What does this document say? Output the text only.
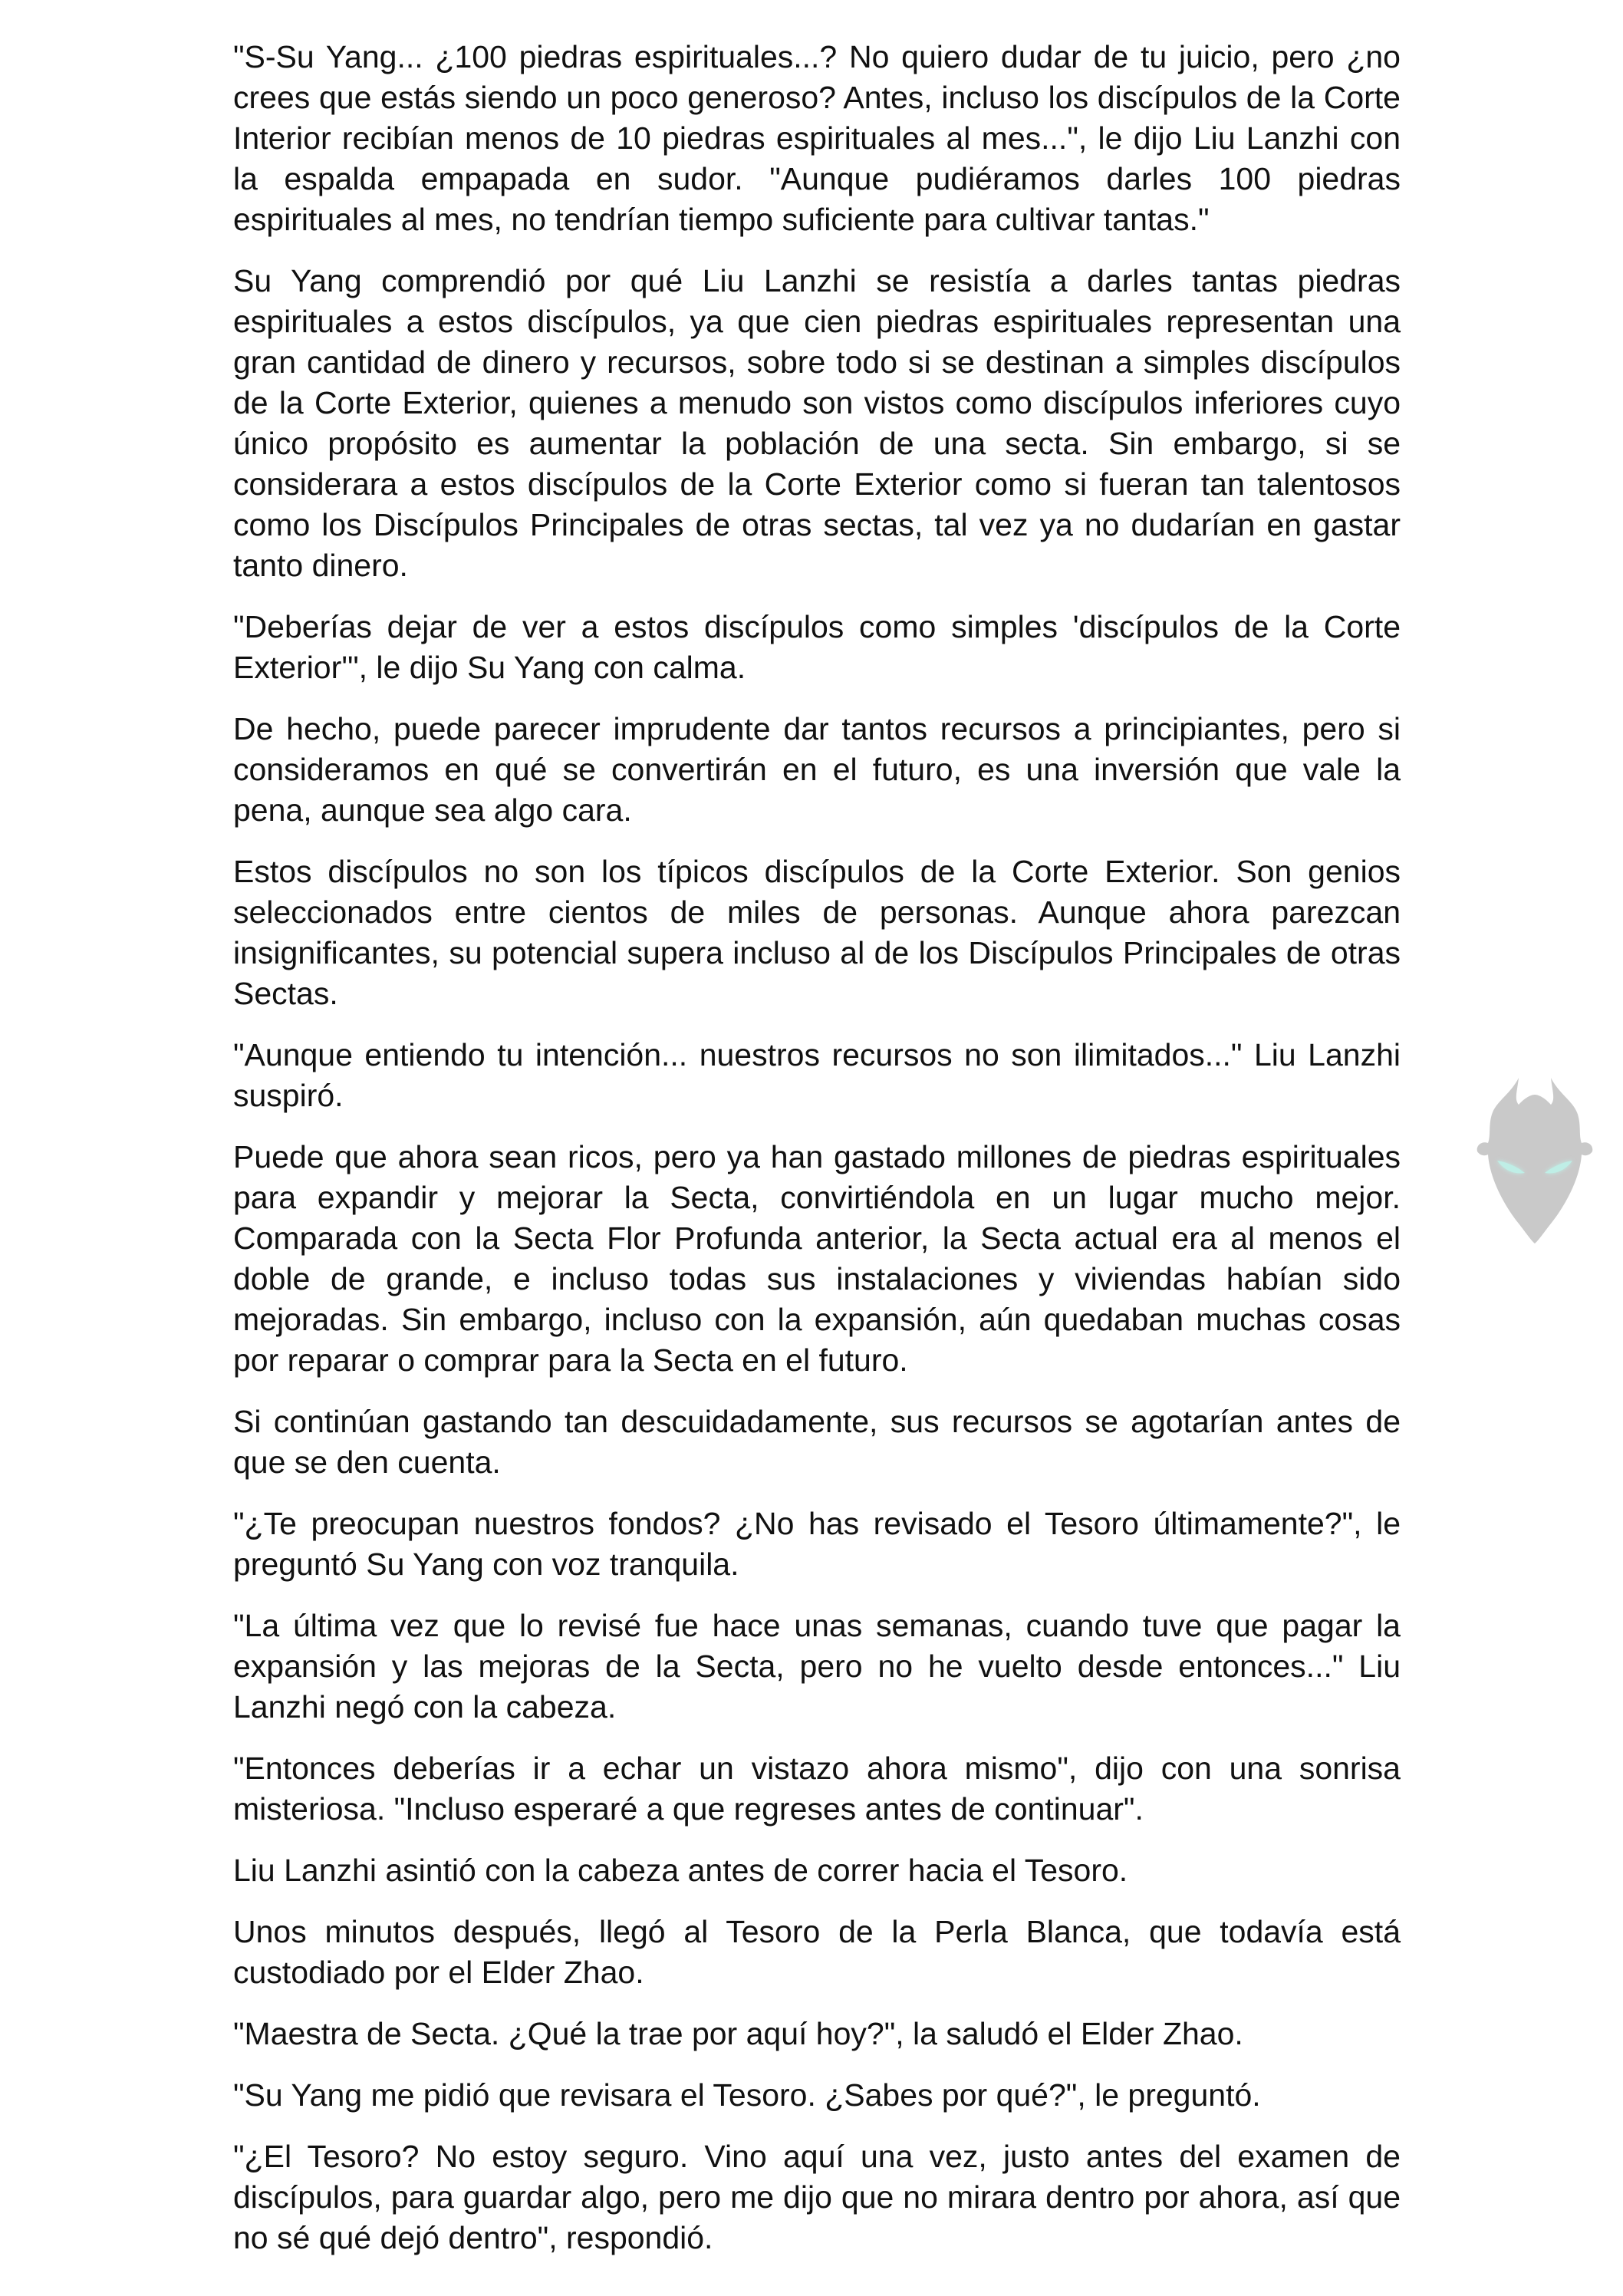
"S-Su Yang... ¿100 piedras espirituales...? No quiero dudar de tu juicio, pero ¿no crees que estás siendo un poco generoso? Antes, incluso los discípulos de la Corte Interior recibían menos de 10 piedras espirituales al mes...", le dijo Liu Lanzhi con la espalda empapada en sudor. "Aunque pudiéramos darles 100 piedras espirituales al mes, no tendrían tiempo suficiente para cultivar tantas."

Su Yang comprendió por qué Liu Lanzhi se resistía a darles tantas piedras espirituales a estos discípulos, ya que cien piedras espirituales representan una gran cantidad de dinero y recursos, sobre todo si se destinan a simples discípulos de la Corte Exterior, quienes a menudo son vistos como discípulos inferiores cuyo único propósito es aumentar la población de una secta. Sin embargo, si se considerara a estos discípulos de la Corte Exterior como si fueran tan talentosos como los Discípulos Principales de otras sectas, tal vez ya no dudarían en gastar tanto dinero.

"Deberías dejar de ver a estos discípulos como simples 'discípulos de la Corte Exterior'", le dijo Su Yang con calma.

De hecho, puede parecer imprudente dar tantos recursos a principiantes, pero si consideramos en qué se convertirán en el futuro, es una inversión que vale la pena, aunque sea algo cara.

Estos discípulos no son los típicos discípulos de la Corte Exterior. Son genios seleccionados entre cientos de miles de personas. Aunque ahora parezcan insignificantes, su potencial supera incluso al de los Discípulos Principales de otras Sectas.

"Aunque entiendo tu intención... nuestros recursos no son ilimitados..." Liu Lanzhi suspiró.

Puede que ahora sean ricos, pero ya han gastado millones de piedras espirituales para expandir y mejorar la Secta, convirtiéndola en un lugar mucho mejor. Comparada con la Secta Flor Profunda anterior, la Secta actual era al menos el doble de grande, e incluso todas sus instalaciones y viviendas habían sido mejoradas. Sin embargo, incluso con la expansión, aún quedaban muchas cosas por reparar o comprar para la Secta en el futuro.

Si continúan gastando tan descuidadamente, sus recursos se agotarían antes de que se den cuenta.

"¿Te preocupan nuestros fondos? ¿No has revisado el Tesoro últimamente?", le preguntó Su Yang con voz tranquila.

"La última vez que lo revisé fue hace unas semanas, cuando tuve que pagar la expansión y las mejoras de la Secta, pero no he vuelto desde entonces..." Liu Lanzhi negó con la cabeza.

"Entonces deberías ir a echar un vistazo ahora mismo", dijo con una sonrisa misteriosa. "Incluso esperaré a que regreses antes de continuar".

Liu Lanzhi asintió con la cabeza antes de correr hacia el Tesoro.

Unos minutos después, llegó al Tesoro de la Perla Blanca, que todavía está custodiado por el Elder Zhao.

"Maestra de Secta. ¿Qué la trae por aquí hoy?", la saludó el Elder Zhao.

"Su Yang me pidió que revisara el Tesoro. ¿Sabes por qué?", le preguntó.

"¿El Tesoro? No estoy seguro. Vino aquí una vez, justo antes del examen de discípulos, para guardar algo, pero me dijo que no mirara dentro por ahora, así que no sé qué dejó dentro", respondió.
